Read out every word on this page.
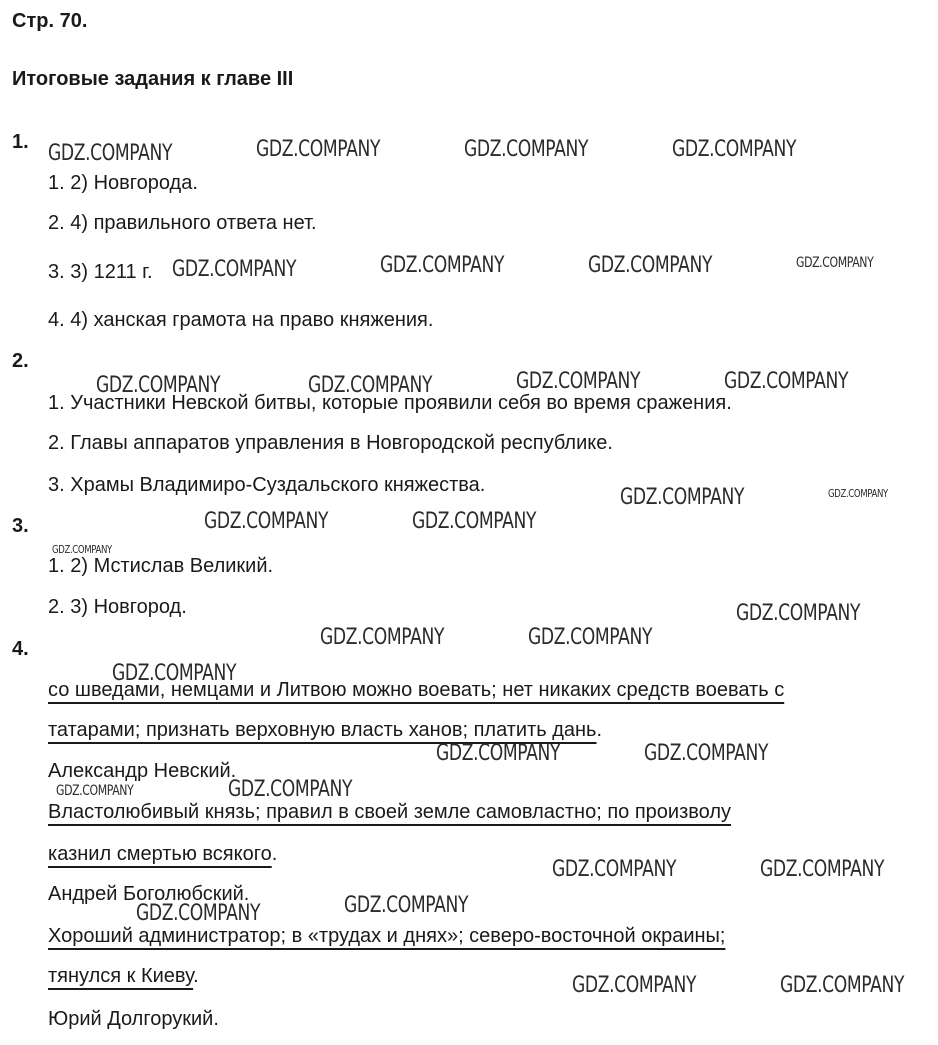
Стр. 70.
Итоговые задания к главе III
1.
1. 2) Новгорода.
2. 4) правильного ответа нет.
3. 3) 1211 г.
4. 4) ханская грамота на право княжения.
2.
1. Участники Невской битвы, которые проявили себя во время сражения.
2. Главы аппаратов управления в Новгородской республике.
3. Храмы Владимиро-Суздальского княжества.
3.
1. 2) Мстислав Великий.
2. 3) Новгород.
4.
со шведами, немцами и Литвою можно воевать; нет никаких средств воевать с
татарами; признать верховную власть ханов; платить дань.
Александр Невский.
Властолюбивый князь; правил в своей земле самовластно; по произволу
казнил смертью всякого.
Андрей Боголюбский.
Хороший администратор; в «трудах и днях»; северо-восточной окраины;
тянулся к Киеву.
Юрий Долгорукий.
GDZ.COMPANY	GDZ.COMPANY	GDZ.COMPANY	GDZ.COMPANY
GDZ.COMPANY	GDZ.COMPANY	GDZ.COMPANY	GDZ.COMPANY
GDZ.COMPANY	GDZ.COMPANY	GDZ.COMPANY	GDZ.COMPANY
GDZ.COMPANY	GDZ.COMPANY
GDZ.COMPANY	GDZ.COMPANY
GDZ.COMPANY
GDZ.COMPANY
GDZ.COMPANY	GDZ.COMPANY
GDZ.COMPANY
GDZ.COMPANY	GDZ.COMPANY
GDZ.COMPANY
GDZ.COMPANY
GDZ.COMPANY	GDZ.COMPANY
GDZ.COMPANY
GDZ.COMPANY
GDZ.COMPANY	GDZ.COMPANY
